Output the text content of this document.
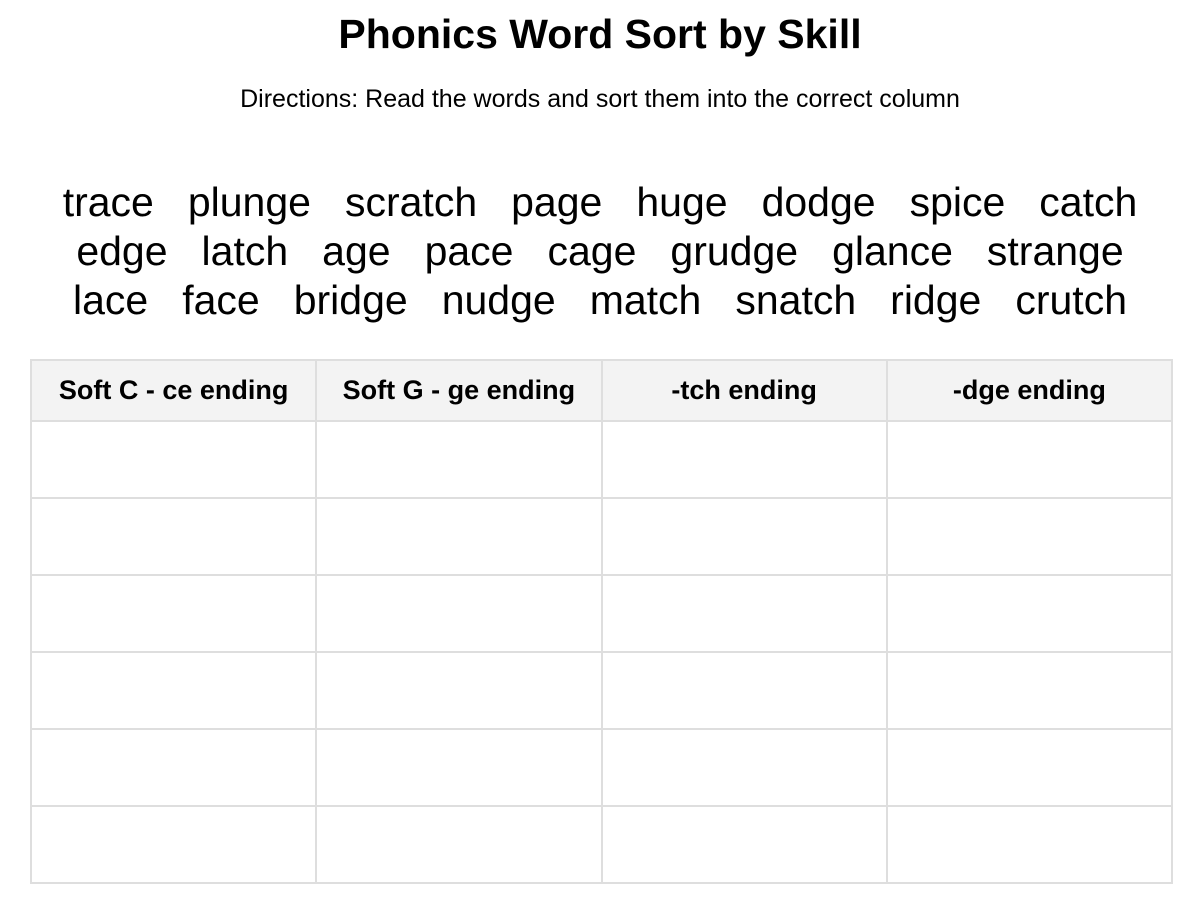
Phonics Word Sort by Skill
Directions: Read the words and sort them into the correct column
trace plunge scratch page huge dodge spice catch
edge latch age pace cage grudge glance strange
lace face bridge nudge match snatch ridge crutch
Soft C - ce ending	Soft G - ge ending	-tch ending	-dge ending
